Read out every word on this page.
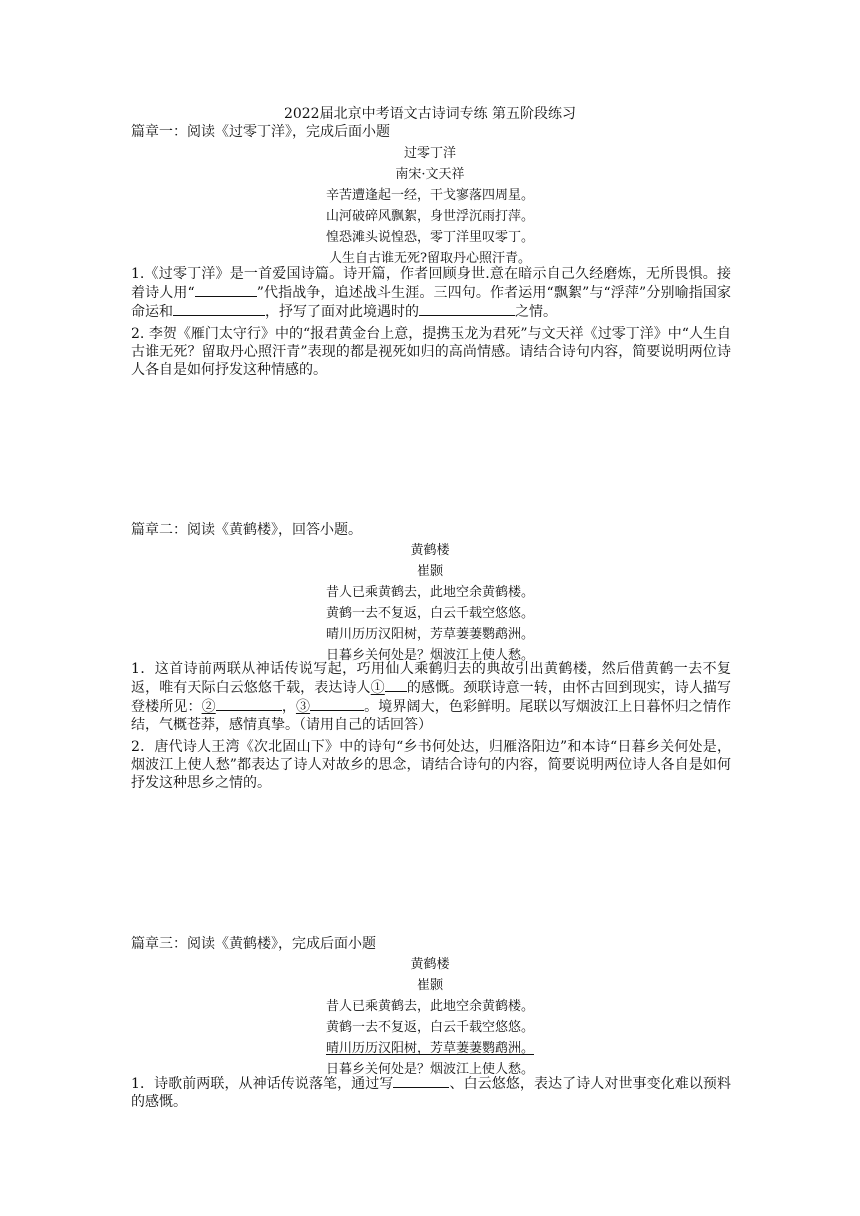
2022届北京中考语文古诗词专练 第五阶段练习
篇章一：阅读《过零丁洋》，完成后面小题
过零丁洋
南宋·文天祥
辛苦遭逢起一经，干戈寥落四周星。
山河破碎风飘絮，身世浮沉雨打萍。
惶恐滩头说惶恐，零丁洋里叹零丁。
人生自古谁无死?留取丹心照汗青。
1.《过零丁洋》是一首爱国诗篇。诗开篇，作者回顾身世.意在暗示自己久经磨炼，无所畏惧。接着诗人用“	”代指战争，追述战斗生涯。三四句。作者运用“飘絮”与“浮萍”分别喻指国家命运和	，抒写了面对此境遇时的	之情。
2. 李贺《雁门太守行》中的“报君黄金台上意，提携玉龙为君死”与文天祥《过零丁洋》中“人生自古谁无死？留取丹心照汗青”表现的都是视死如归的高尚情感。请结合诗句内容，简要说明两位诗人各自是如何抒发这种情感的。
篇章二：阅读《黄鹤楼》，回答小题。
黄鹤楼
崔颢
昔人已乘黄鹤去，此地空余黄鹤楼。
黄鹤一去不复返，白云千载空悠悠。
晴川历历汉阳树，芳草萋萋鹦鹉洲。
日暮乡关何处是？烟波江上使人愁。
1．这首诗前两联从神话传说写起，巧用仙人乘鹤归去的典故引出黄鹤楼，然后借黄鹤一去不复返，唯有天际白云悠悠千载，表达诗人① 的感慨。颈联诗意一转，由怀古回到现实，诗人描写登楼所见：②	，③	。境界阔大，色彩鲜明。尾联以写烟波江上日暮怀归之情作结，气概苍莽，感情真挚。（请用自己的话回答）
2．唐代诗人王湾《次北固山下》中的诗句“乡书何处达，归雁洛阳边”和本诗“日暮乡关何处是，烟波江上使人愁”都表达了诗人对故乡的思念，请结合诗句的内容，简要说明两位诗人各自是如何抒发这种思乡之情的。
篇章三：阅读《黄鹤楼》，完成后面小题
黄鹤楼
崔颢
昔人已乘黄鹤去，此地空余黄鹤楼。
黄鹤一去不复返，白云千载空悠悠。
晴川历历汉阳树，芳草萋萋鹦鹉洲。
日暮乡关何处是？烟波江上使人愁。
1．诗歌前两联，从神话传说落笔，通过写	、白云悠悠，表达了诗人对世事变化难以预料的感慨。
